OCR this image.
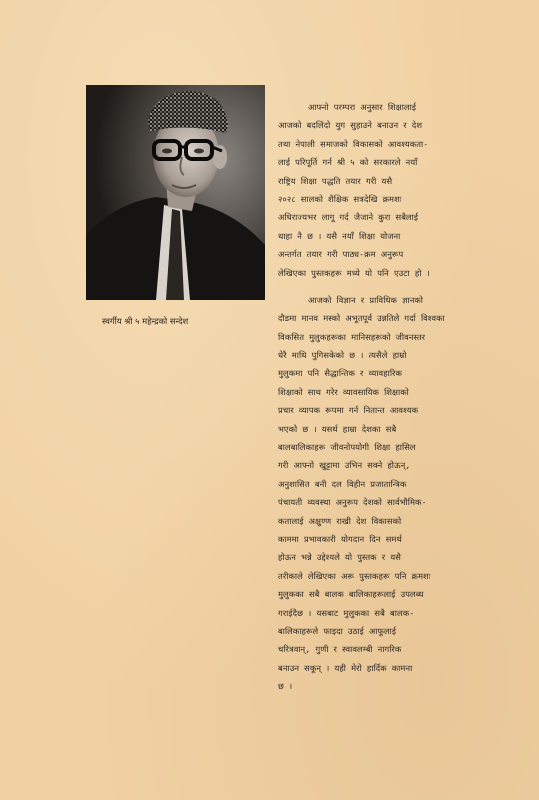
स्वर्गीय श्री ५ महेन्द्रको सन्देश
आफ्नो परम्परा अनुसार शिक्षालाई
आजको बदलिंदो युग सुहाउने बनाउन र देश
तथा नेपाली समाजको विकासको आवश्यकता-
लाई परिपूर्ति गर्न श्री ५ को सरकारले नयाँ
राष्ट्रिय शिक्षा पद्धति तयार गरी यसै
२०२८ सालको शैक्षिक सत्रदेखि क्रमशः
अधिराज्यभर लागू गर्द जैजाने कुरा सबैलाई
थाहा नै छ । यसै नयाँ शिक्षा योजना
अन्तर्गत तयार गरी पाठ्य-क्रम अनुरूप
लेखिएका पुस्तकहरू मध्ये यो पनि एउटा हो ।
आजको विज्ञान र प्राविधिक ज्ञानको
दौडमा मानव मस्को अभूतपूर्व उन्नतिले गर्दा विश्वका
विकसित मुलुकहरूका मानिसहरूको जीवनस्तर
धेरै माथि पुगिसकेको छ । त्यसैले हाम्रो
मुलुकमा पनि सैद्धान्तिक र व्यावहारिक
शिक्षाको साथ गरेर व्यावसायिक शिक्षाको
प्रचार व्यापक रूपमा गर्न नितान्त आवश्यक
भएको छ । यसर्थ हाम्रा देशका सबै
बालबालिकाहरू जीवनोपयोगी शिक्षा हासिल
गरी आफ्नो खुट्टामा उभिन सक्ने होऊन्,
अनुशासित बनी दल विहीन प्रजातान्त्रिक
पंचायती व्यवस्था अनुरूप देशको सार्वभौमिक-
कतालाई अक्षुण्ण राखी देश विकासको
काममा प्रभावकारी योगदान दिन समर्थ
होऊन भन्ने उद्देश्यले यो पुस्तक र यसै
तरीकाले लेखिएका अरू पुस्तकहरू पनि क्रमशः
मुलुकका सबै बालक बालिकाहरूलाई उपलब्ध
गराईदैछ । यसबाट मुलुकका सबै बालक-
बालिकाहरूले फाइदा उठाई आफूलाई
चरित्रवान्, गुणी र स्वावलम्बी नागरिक
बनाउन सकून् । यही मेरो हार्दिक कामना
छ ।
